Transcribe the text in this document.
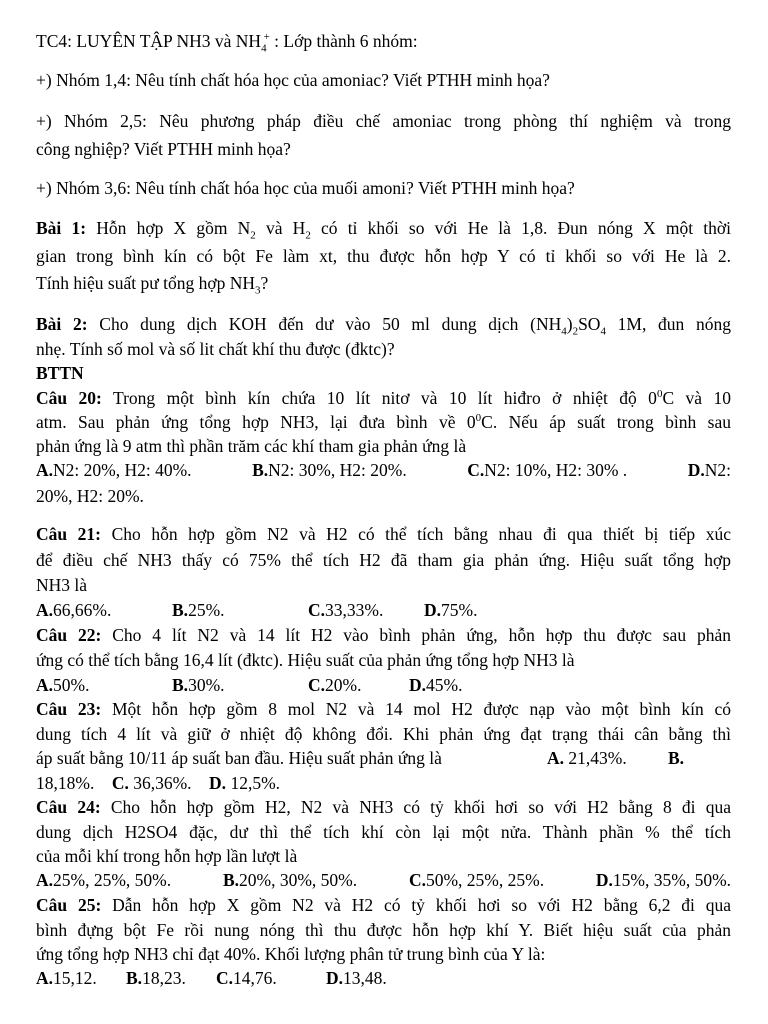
TC4: LUYÊN TẬP NH3 và $NH_4^+$ : Lớp thành 6 nhóm:
+) Nhóm 1,4: Nêu tính chất hóa học của amoniac? Viết PTHH minh họa?
+) Nhóm 2,5: Nêu phương pháp điều chế amoniac trong phòng thí nghiệm và trong
công nghiệp? Viết PTHH minh họa?
+) Nhóm 3,6: Nêu tính chất hóa học của muối amoni? Viết PTHH minh họa?
Bài 1: Hỗn hợp X gồm $N_2$ và $H_2$ có tỉ khối so với He là 1,8. Đun nóng X một thời
gian trong bình kín có bột Fe làm xt, thu được hỗn hợp Y có tỉ khối so với He là 2.
Tính hiệu suất pư tổng hợp $NH_3$?
Bài 2: Cho dung dịch KOH đến dư vào 50 ml dung dịch $(NH_4)_2SO_4$ 1M, đun nóng
nhẹ. Tính số mol và số lit chất khí thu được (đktc)?
BTTN
Câu 20: Trong một bình kín chứa 10 lít nitơ và 10 lít hiđro ở nhiệt độ $0^0C$ và 10
atm. Sau phản ứng tổng hợp NH3, lại đưa bình về $0^0C$. Nếu áp suất trong bình sau
phản ứng là 9 atm thì phần trăm các khí tham gia phản ứng là
A.N2: 20%, H2: 40%.	B.N2: 30%, H2: 20%.	C.N2: 10%, H2: 30% .	D.N2:
20%, H2: 20%.
Câu 21: Cho hỗn hợp gồm N2 và H2 có thể tích bằng nhau đi qua thiết bị tiếp xúc
để điều chế NH3 thấy có 75% thể tích H2 đã tham gia phản ứng. Hiệu suất tổng hợp
NH3 là
A.66,66%.	B.25%.	C.33,33%. D.75%.
Câu 22: Cho 4 lít N2 và 14 lít H2 vào bình phản ứng, hỗn hợp thu được sau phản
ứng có thể tích bằng 16,4 lít (đktc). Hiệu suất của phản ứng tổng hợp NH3 là
A.50%.	B.30%.	C.20%.	D.45%.
Câu 23: Một hỗn hợp gồm 8 mol N2 và 14 mol H2 được nạp vào một bình kín có
dung tích 4 lít và giữ ở nhiệt độ không đổi. Khi phản ứng đạt trạng thái cân bằng thì
áp suất bằng 10/11 áp suất ban đầu. Hiệu suất phản ứng là	A. 21,43%. B.
18,18%. C. 36,36%. D. 12,5%.
Câu 24: Cho hỗn hợp gồm H2, N2 và NH3 có tỷ khối hơi so với H2 bằng 8 đi qua
dung dịch H2SO4 đặc, dư thì thể tích khí còn lại một nửa. Thành phần % thể tích
của mỗi khí trong hỗn hợp lần lượt là
A.25%, 25%, 50%.	B.20%, 30%, 50%.	C.50%, 25%, 25%.	D.15%, 35%, 50%.
Câu 25: Dẫn hỗn hợp X gồm N2 và H2 có tỷ khối hơi so với H2 bằng 6,2 đi qua
bình đựng bột Fe rồi nung nóng thì thu được hỗn hợp khí Y. Biết hiệu suất của phản
ứng tổng hợp NH3 chỉ đạt 40%. Khối lượng phân tử trung bình của Y là:
A.15,12. B.18,23. C.14,76.	D.13,48.
